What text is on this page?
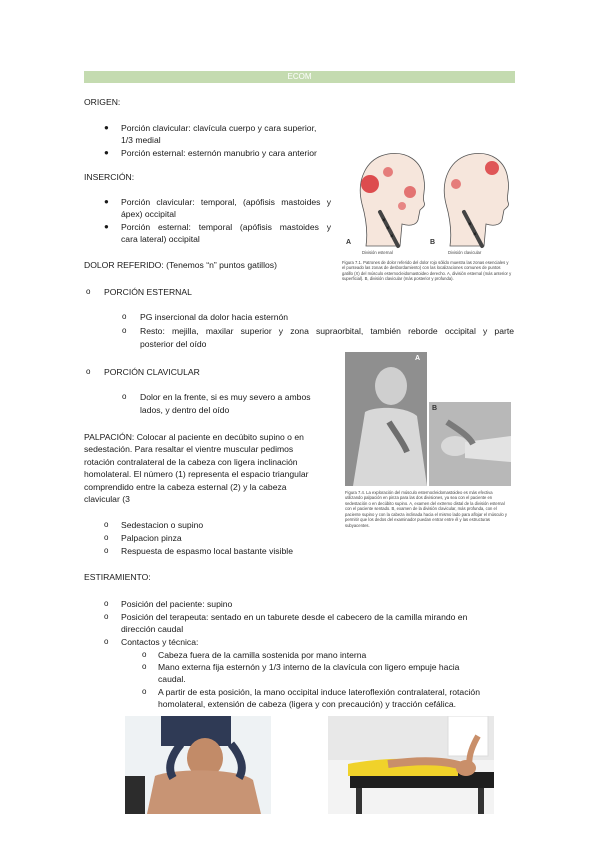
ECOM
ORIGEN:
● Porción clavicular: clavícula cuerpo y cara superior,
1/3 medial
● Porción esternal: esternón manubrio y cara anterior
INSERCIÓN:
● Porción clavicular: temporal, (apófisis mastoides y
ápex) occipital
● Porción esternal: temporal (apófisis mastoides y
cara lateral) occipital
DOLOR REFERIDO: (Tenemos “n” puntos gatillos)
o PORCIÓN ESTERNAL
o PG insercional da dolor hacia esternón
o Resto: mejilla, maxilar superior y zona supraorbital, también reborde occipital y parte
posterior del oído
o PORCIÓN CLAVICULAR
o Dolor en la frente, si es muy severo a ambos
lados, y dentro del oído
PALPACIÓN: Colocar al paciente en decúbito supino o en
sedestación. Para resaltar el vientre muscular pedimos
rotación contralateral de la cabeza con ligera inclinación
homolateral. El número (1) representa el espacio triangular
comprendido entre la cabeza esternal (2) y la cabeza
clavicular (3
o Sedestacion o supino
o Palpacion pinza
o Respuesta de espasmo local bastante visible
ESTIRAMIENTO:
o Posición del paciente: supino
o Posición del terapeuta: sentado en un taburete desde el cabecero de la camilla mirando en
dirección caudal
o Contactos y técnica:
o Cabeza fuera de la camilla sostenida por mano interna
o Mano externa fija esternón y 1/3 interno de la clavícula con ligero empuje hacia
caudal.
o A partir de esta posición, la mano occipital induce lateroflexión contralateral, rotación
homolateral, extensión de cabeza (ligera y con precaución) y tracción cefálica.
×
×
×
×
×
A	B
División esternal	División clavicular
Figura 7.1. Patrones de dolor referido del dolor rojo sólido muestra las zonas esenciales y el punteado las zonas de desbordamiento) con las localizaciones comunes de puntos gatillo (X) del músculo esternocleidomastoideo derecho. A, división esternal (más anterior y superficial). B, división clavicular (más posterior y profunda).
A
B
Figura 7.4. La exploración del músculo esternocleidomastoideo es más efectiva utilizando palpación en pinza para las dos divisiones, ya sea con el paciente en sedestación o en decúbito supino. A, examen del extremo distal de la división esternal con el paciente sentado. B, examen de la división clavicular, más profunda, con el paciente supino y con la cabeza inclinada hacia el mismo lado para aflojar el músculo y permitir que los dedos del examinador puedan entrar entre él y las estructuras subyacentes.
